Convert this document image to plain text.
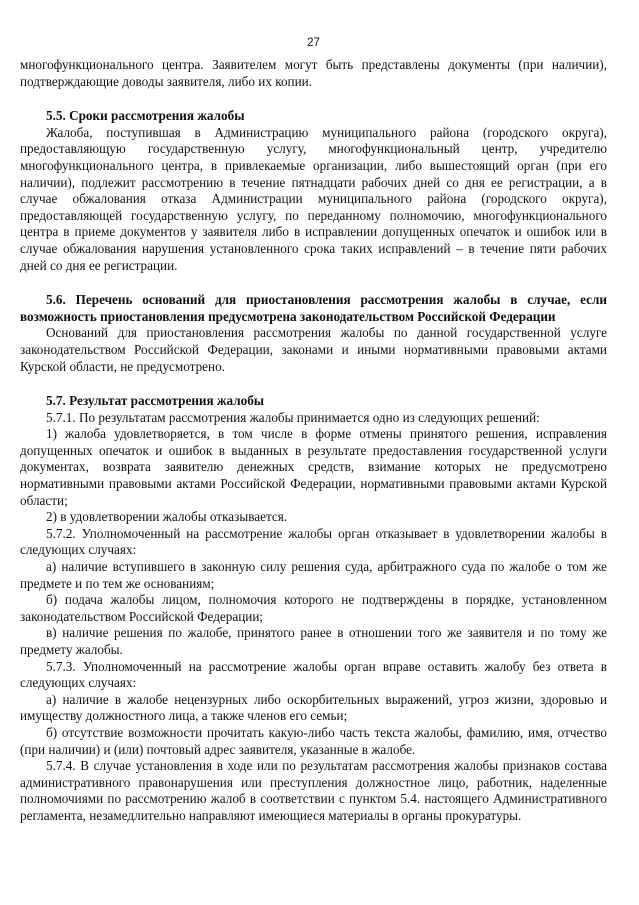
27

многофункционального центра. Заявителем могут быть представлены документы (при наличии), подтверждающие доводы заявителя, либо их копии.

5.5. Сроки рассмотрения жалобы

Жалоба, поступившая в Администрацию муниципального района (городского округа), предоставляющую государственную услугу, многофункциональный центр, учредителю многофункционального центра, в привлекаемые организации, либо вышестоящий орган (при его наличии), подлежит рассмотрению в течение пятнадцати рабочих дней со дня ее регистрации, а в случае обжалования отказа Администрации муниципального района (городского округа), предоставляющей государственную услугу, по переданному полномочию, многофункционального центра в приеме документов у заявителя либо в исправлении допущенных опечаток и ошибок или в случае обжалования нарушения установленного срока таких исправлений – в течение пяти рабочих дней со дня ее регистрации.

5.6. Перечень оснований для приостановления рассмотрения жалобы в случае, если возможность приостановления предусмотрена законодательством Российской Федерации

Оснований для приостановления рассмотрения жалобы по данной государственной услуге законодательством Российской Федерации, законами и иными нормативными правовыми актами Курской области, не предусмотрено.

5.7. Результат рассмотрения жалобы

5.7.1. По результатам рассмотрения жалобы принимается одно из следующих решений:

1) жалоба удовлетворяется, в том числе в форме отмены принятого решения, исправления допущенных опечаток и ошибок в выданных в результате предоставления государственной услуги документах, возврата заявителю денежных средств, взимание которых не предусмотрено нормативными правовыми актами Российской Федерации, нормативными правовыми актами Курской области;

2) в удовлетворении жалобы отказывается.

5.7.2. Уполномоченный на рассмотрение жалобы орган отказывает в удовлетворении жалобы в следующих случаях:

а) наличие вступившего в законную силу решения суда, арбитражного суда по жалобе о том же предмете и по тем же основаниям;

б) подача жалобы лицом, полномочия которого не подтверждены в порядке, установленном законодательством Российской Федерации;

в) наличие решения по жалобе, принятого ранее в отношении того же заявителя и по тому же предмету жалобы.

5.7.3. Уполномоченный на рассмотрение жалобы орган вправе оставить жалобу без ответа в следующих случаях:

а) наличие в жалобе нецензурных либо оскорбительных выражений, угроз жизни, здоровью и имуществу должностного лица, а также членов его семьи;

б) отсутствие возможности прочитать какую-либо часть текста жалобы, фамилию, имя, отчество (при наличии) и (или) почтовый адрес заявителя, указанные в жалобе.

5.7.4. В случае установления в ходе или по результатам рассмотрения жалобы признаков состава административного правонарушения или преступления должностное лицо, работник, наделенные полномочиями по рассмотрению жалоб в соответствии с пунктом 5.4. настоящего Административного регламента, незамедлительно направляют имеющиеся материалы в органы прокуратуры.
